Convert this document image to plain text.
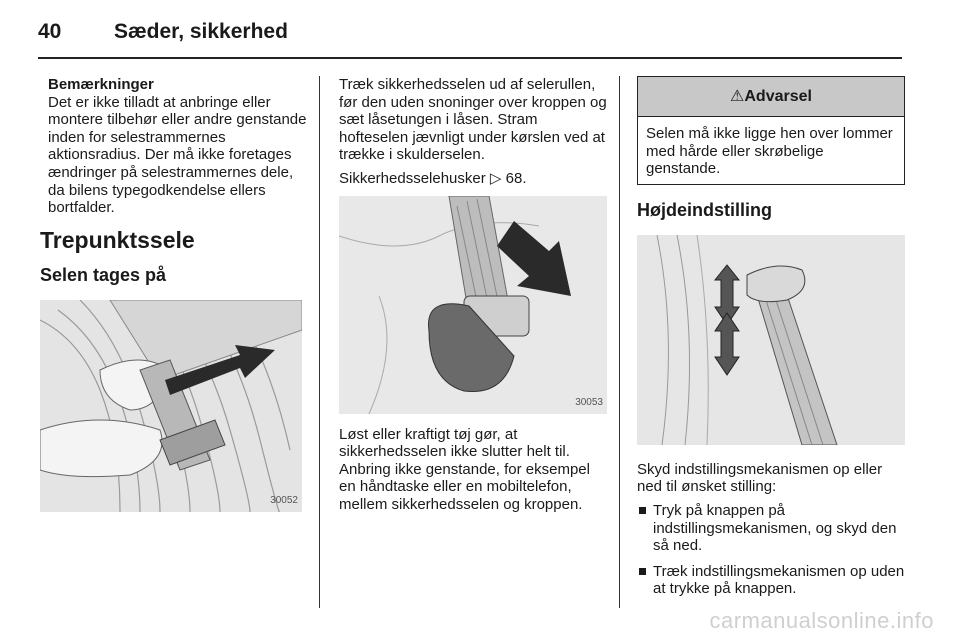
40	Sæder, sikkerhed
Bemærkninger
Det er ikke tilladt at anbringe eller montere tilbehør eller andre genstande inden for selestrammernes aktionsradius. Der må ikke foretages ændringer på selestrammernes dele, da bilens typegodkendelse ellers bortfalder.
Trepunktssele
Selen tages på
30052

Træk sikkerhedsselen ud af selerullen, før den uden snoninger over kroppen og sæt låsetungen i låsen. Stram hofteselen jævnligt under kørslen ved at trække i skulderselen.

Sikkerhedsselehusker ▷ 68.

30053

Løst eller kraftigt tøj gør, at sikkerhedsselen ikke slutter helt til. Anbring ikke genstande, for eksempel en håndtaske eller en mobiltelefon, mellem sikkerhedsselen og kroppen.

⚠Advarsel
Selen må ikke ligge hen over lommer med hårde eller skrøbelige genstande.
Højdeindstilling

Skyd indstillingsmekanismen op eller ned til ønsket stilling:

Tryk på knappen på indstillingsmekanismen, og skyd den så ned.
Træk indstillingsmekanismen op uden at trykke på knappen.
carmanualsonline.info
